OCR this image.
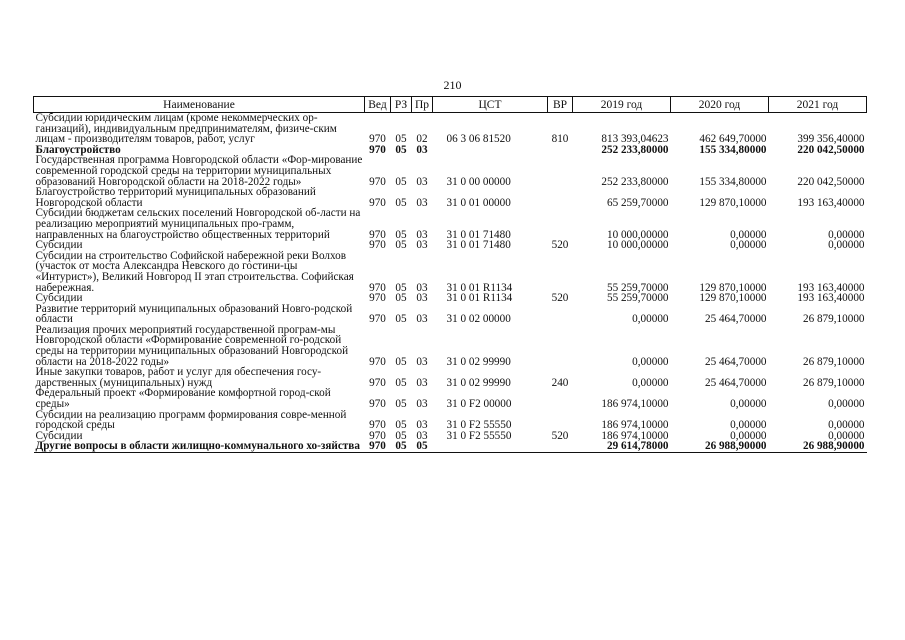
210
Наименование	Вед	РЗ	Пр	ЦСТ	ВР	2019 год	2020 год	2021 год
Субсидии юридическим лицам (кроме некоммерческих ор-ганизаций), индивидуальным предпринимателям, физиче-ским лицам - производителям товаров, работ, услуг	970	05	02	06 3 06 81520	810	813 393,04623	462 649,70000	399 356,40000
Благоустройство	970	05	03			252 233,80000	155 334,80000	220 042,50000
Государственная программа Новгородской области «Фор-мирование современной городской среды на территории муниципальных образований Новгородской области на 2018-2022 годы»	970	05	03	31 0 00 00000		252 233,80000	155 334,80000	220 042,50000
Благоустройство территорий муниципальных образований Новгородской области	970	05	03	31 0 01 00000		65 259,70000	129 870,10000	193 163,40000
Субсидии бюджетам сельских поселений Новгородской об-ласти на реализацию мероприятий муниципальных про-грамм, направленных на благоустройство общественных территорий	970	05	03	31 0 01 71480		10 000,00000	0,00000	0,00000
Субсидии	970	05	03	31 0 01 71480	520	10 000,00000	0,00000	0,00000
Субсидии на строительство Софийской набережной реки Волхов (участок от моста Александра Невского до гостини-цы «Интурист»), Великий Новгород II этап строительства. Софийская набережная.	970	05	03	31 0 01 R1134		55 259,70000	129 870,10000	193 163,40000
Субсидии	970	05	03	31 0 01 R1134	520	55 259,70000	129 870,10000	193 163,40000
Развитие территорий муниципальных образований Новго-родской области	970	05	03	31 0 02 00000		0,00000	25 464,70000	26 879,10000
Реализация прочих мероприятий государственной програм-мы Новгородской области «Формирование современной го-родской среды на территории муниципальных образований Новгородской области на 2018-2022 годы»	970	05	03	31 0 02 99990		0,00000	25 464,70000	26 879,10000
Иные закупки товаров, работ и услуг для обеспечения госу-дарственных (муниципальных) нужд	970	05	03	31 0 02 99990	240	0,00000	25 464,70000	26 879,10000
Федеральный проект «Формирование комфортной город-ской среды»	970	05	03	31 0 F2 00000		186 974,10000	0,00000	0,00000
Субсидии на реализацию программ формирования совре-менной городской среды	970	05	03	31 0 F2 55550		186 974,10000	0,00000	0,00000
Субсидии	970	05	03	31 0 F2 55550	520	186 974,10000	0,00000	0,00000
Другие вопросы в области жилищно-коммунального хо-зяйства	970	05	05			29 614,78000	26 988,90000	26 988,90000
